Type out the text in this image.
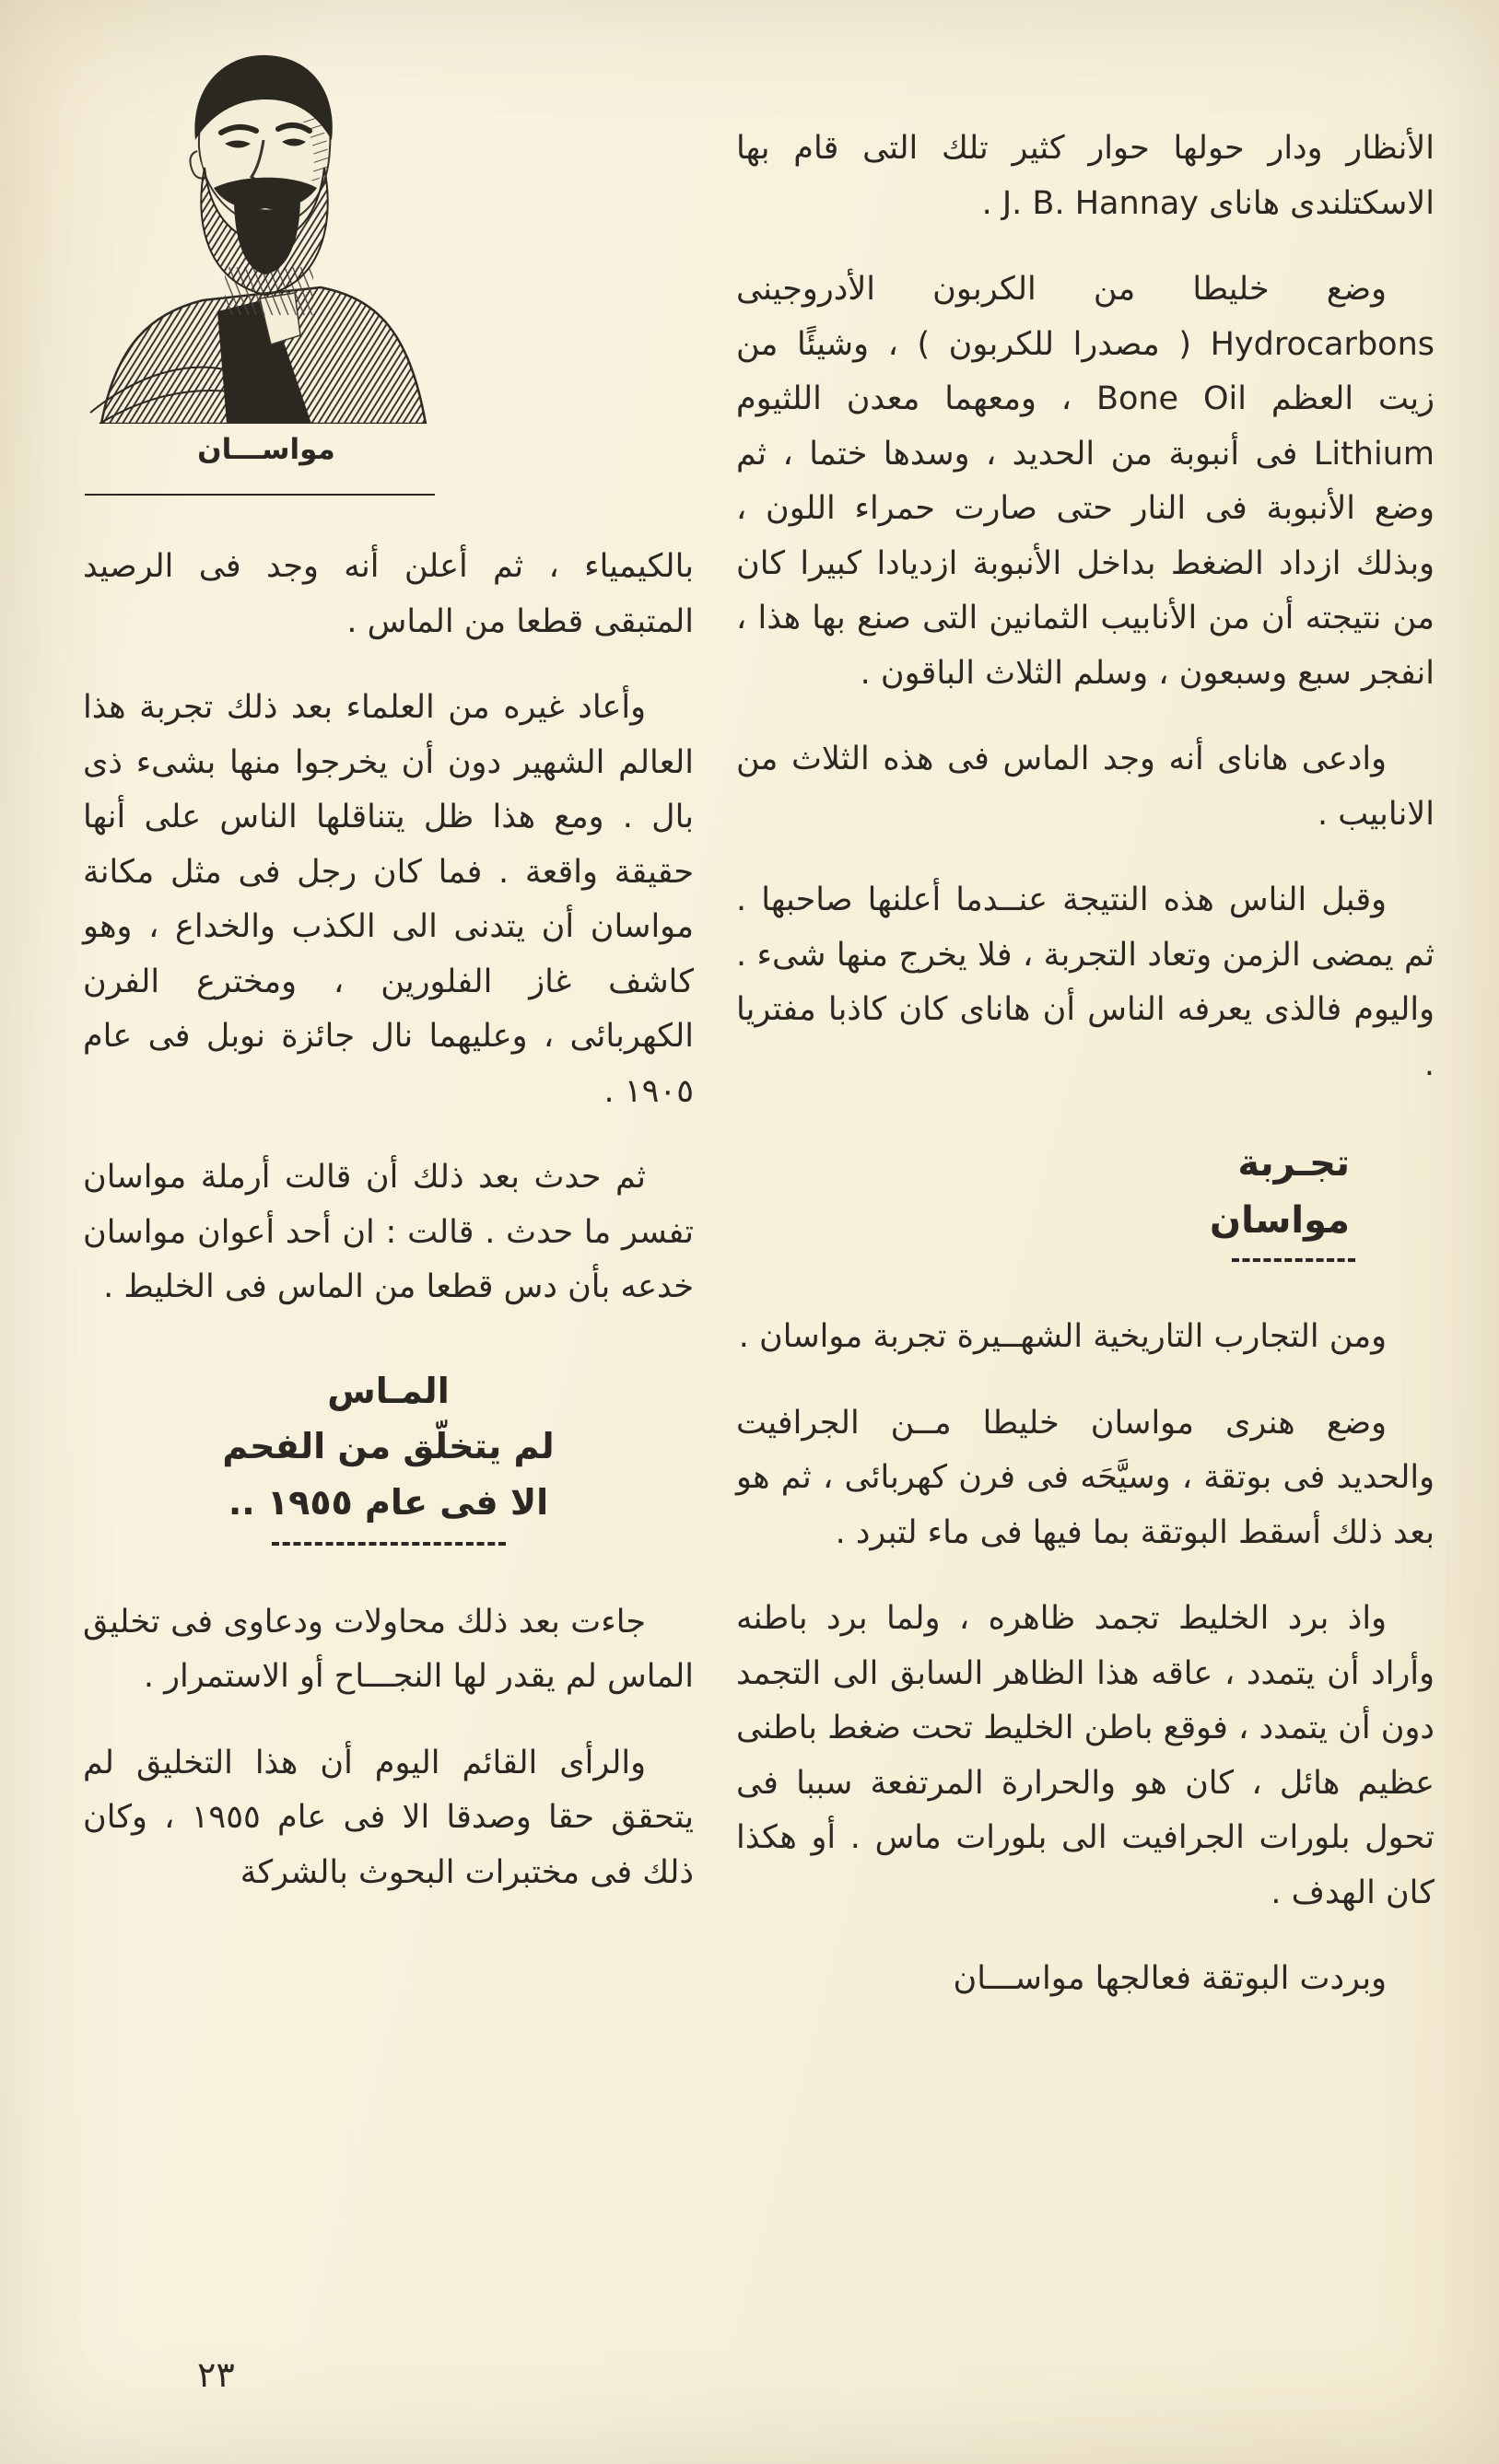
الأنظار ودار حولها حوار كثير تلك التى قام بها الاسكتلندى هاناى J. B. Hannay .

وضع خليطا من الكربون الأدروجينى Hydrocarbons ( مصدرا للكربون ) ، وشيئًا من زيت العظم Bone Oil ، ومعهما معدن اللثيوم Lithium فى أنبوبة من الحديد ، وسدها ختما ، ثم وضع الأنبوبة فى النار حتى صارت حمراء اللون ، وبذلك ازداد الضغط بداخل الأنبوبة ازديادا كبيرا كان من نتيجته أن من الأنابيب الثمانين التى صنع بها هذا ، انفجر سبع وسبعون ، وسلم الثلاث الباقون .

وادعى هاناى أنه وجد الماس فى هذه الثلاث من الانابيب .

وقبل الناس هذه النتيجة عنــدما أعلنها صاحبها . ثم يمضى الزمن وتعاد التجربة ، فلا يخرج منها شىء . واليوم فالذى يعرفه الناس أن هاناى كان كاذبا مفتريا .

تجـربة
مواسان

ومن التجارب التاريخية الشهــيرة تجربة مواسان .

وضع هنرى مواسان خليطا مــن الجرافيت والحديد فى بوتقة ، وسيَّحَه فى فرن كهربائى ، ثم هو بعد ذلك أسقط البوتقة بما فيها فى ماء لتبرد .

واذ برد الخليط تجمد ظاهره ، ولما برد باطنه وأراد أن يتمدد ، عاقه هذا الظاهر السابق الى التجمد دون أن يتمدد ، فوقع باطن الخليط تحت ضغط باطنى عظيم هائل ، كان هو والحرارة المرتفعة سببا فى تحول بلورات الجرافيت الى بلورات ماس . أو هكذا كان الهدف .

وبردت البوتقة فعالجها مواســـان

مواســـان

بالكيمياء ، ثم أعلن أنه وجد فى الرصيد المتبقى قطعا من الماس .

وأعاد غيره من العلماء بعد ذلك تجربة هذا العالم الشهير دون أن يخرجوا منها بشىء ذى بال . ومع هذا ظل يتناقلها الناس على أنها حقيقة واقعة . فما كان رجل فى مثل مكانة مواسان أن يتدنى الى الكذب والخداع ، وهو كاشف غاز الفلورين ، ومخترع الفرن الكهربائى ، وعليهما نال جائزة نوبل فى عام ١٩٠٥ .

ثم حدث بعد ذلك أن قالت أرملة مواسان تفسر ما حدث . قالت : ان أحد أعوان مواسان خدعه بأن دس قطعا من الماس فى الخليط .

المـاس
لم يتخلّق من الفحم
الا فى عام ١٩٥٥ ..

جاءت بعد ذلك محاولات ودعاوى فى تخليق الماس لم يقدر لها النجـــاح أو الاستمرار .

والرأى القائم اليوم أن هذا التخليق لم يتحقق حقا وصدقا الا فى عام ١٩٥٥ ، وكان ذلك فى مختبرات البحوث بالشركة

٢٣
